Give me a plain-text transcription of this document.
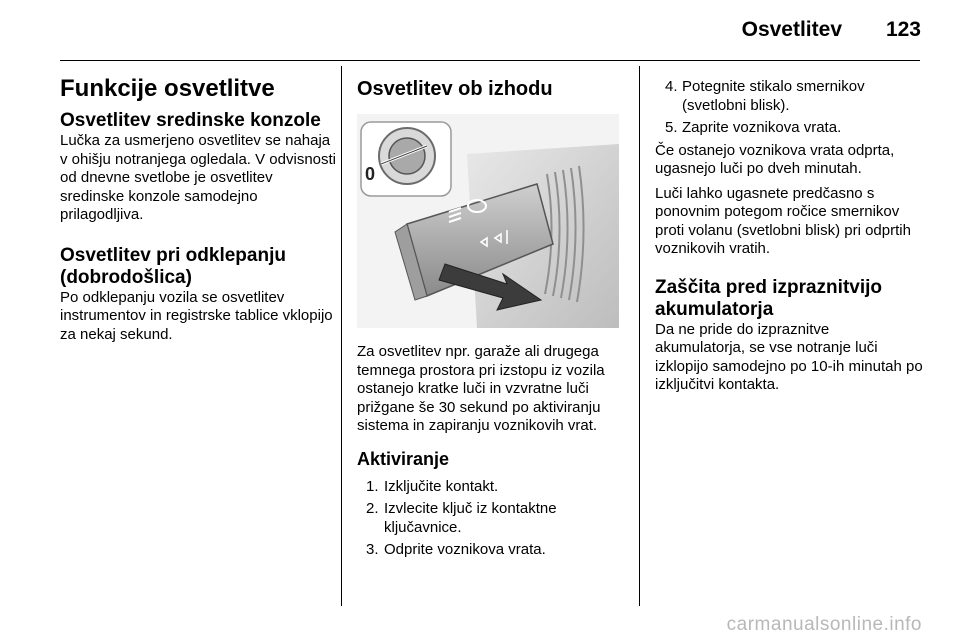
Osvetlitev	123
Funkcije osvetlitve
Osvetlitev sredinske konzole

Lučka za usmerjeno osvetlitev se nahaja v ohišju notranjega ogledala. V odvisnosti od dnevne svetlobe je osvetlitev sredinske konzole samodejno prilagodljiva.

Osvetlitev pri odklepanju (dobrodošlica)

Po odklepanju vozila se osvetlitev instrumentov in registrske tablice vklopijo za nekaj sekund.

Osvetlitev ob izhodu
0

Za osvetlitev npr. garaže ali drugega temnega prostora pri izstopu iz vozila ostanejo kratke luči in vzvratne luči prižgane še 30 sekund po aktiviranju sistema in zapiranju voznikovih vrat.

Aktiviranje
1. Izključite kontakt.
2. Izvlecite ključ iz kontaktne ključavnice.
3. Odprite voznikova vrata.
4. Potegnite stikalo smernikov (svetlobni blisk).
5. Zaprite voznikova vrata.

Če ostanejo voznikova vrata odprta, ugasnejo luči po dveh minutah.

Luči lahko ugasnete predčasno s ponovnim potegom ročice smernikov proti volanu (svetlobni blisk) pri odprtih voznikovih vratih.

Zaščita pred izpraznitvijo akumulatorja

Da ne pride do izpraznitve akumulatorja, se vse notranje luči izklopijo samodejno po 10-ih minutah po izključitvi kontakta.

carmanualsonline.info
